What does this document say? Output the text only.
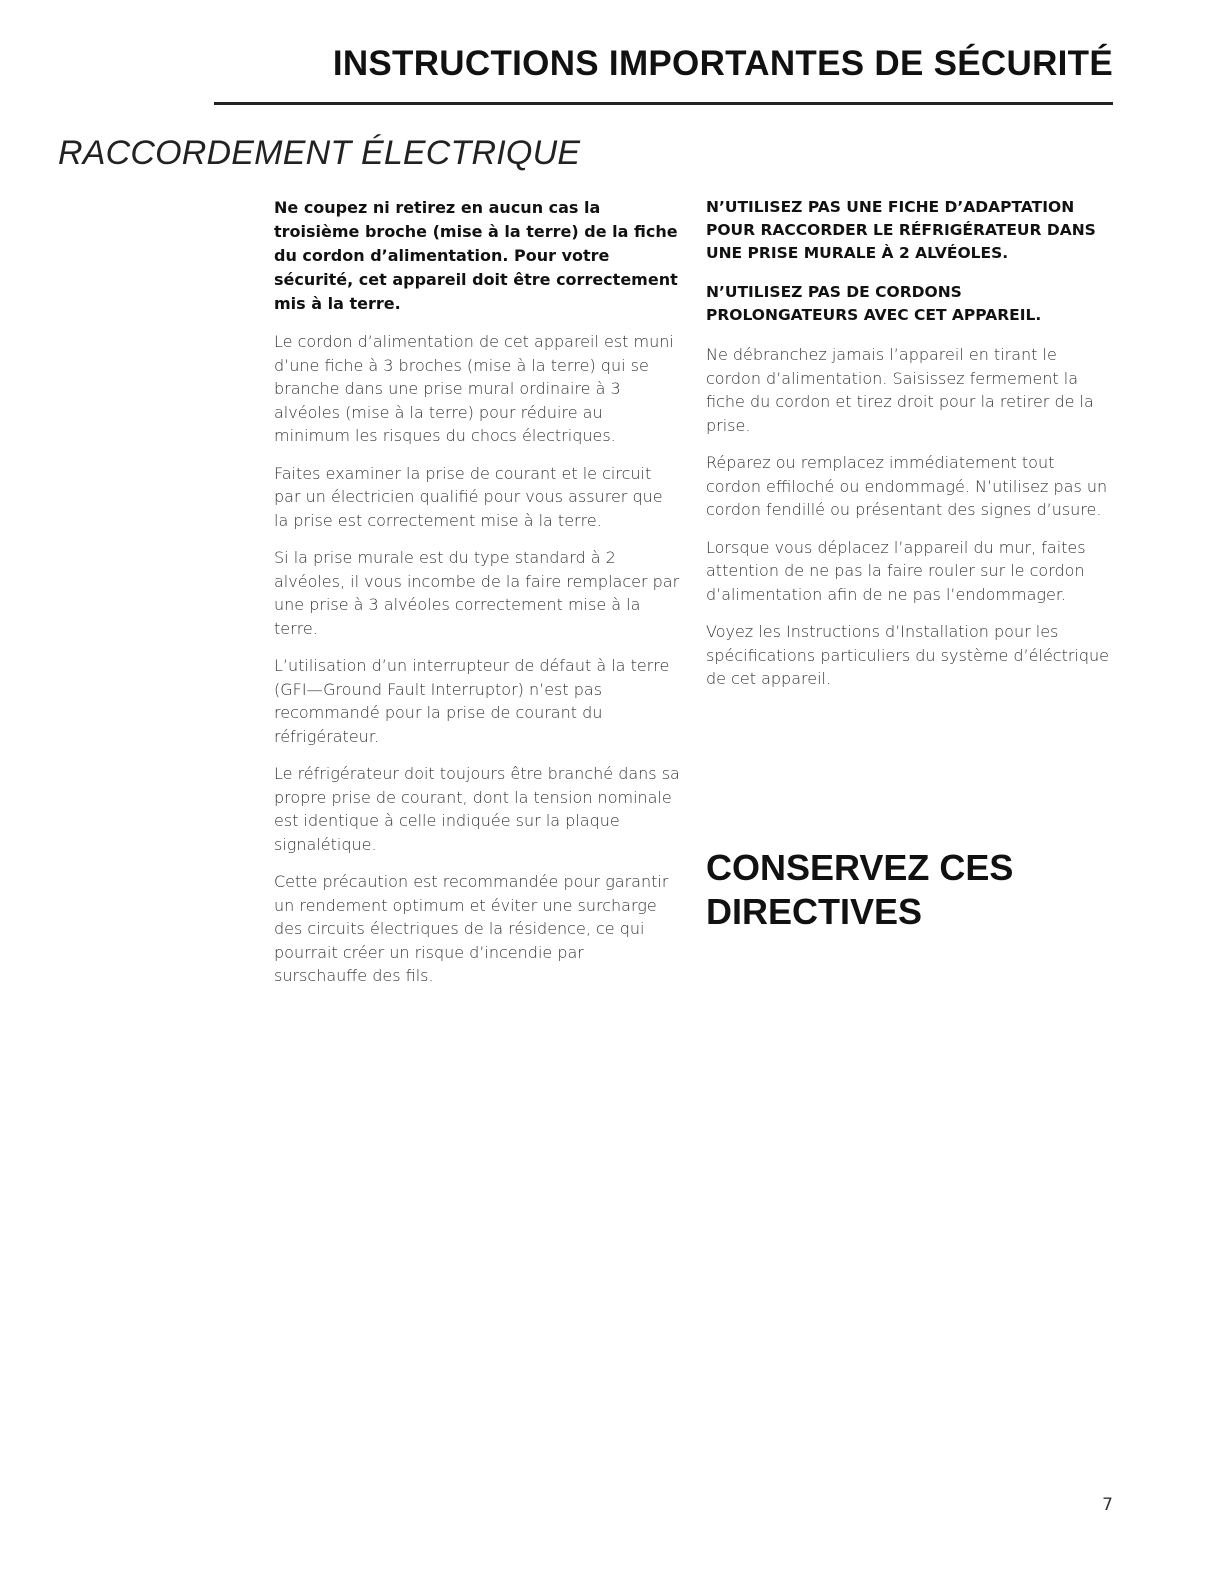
INSTRUCTIONS IMPORTANTES DE SÉCURITÉ
RACCORDEMENT ÉLECTRIQUE

Ne coupez ni retirez en aucun cas la troisième broche (mise à la terre) de la fiche du cordon d’alimentation. Pour votre sécurité, cet appareil doit être correctement mis à la terre.

Le cordon d’alimentation de cet appareil est muni d’une fiche à 3 broches (mise à la terre) qui se branche dans une prise mural ordinaire à 3 alvéoles (mise à la terre) pour réduire au minimum les risques du chocs électriques.

Faites examiner la prise de courant et le circuit par un électricien qualifié pour vous assurer que la prise est correctement mise à la terre.

Si la prise murale est du type standard à 2 alvéoles, il vous incombe de la faire remplacer par une prise à 3 alvéoles correctement mise à la terre.

L’utilisation d’un interrupteur de défaut à la terre (GFI—Ground Fault Interruptor) n’est pas recommandé pour la prise de courant du réfrigérateur.

Le réfrigérateur doit toujours être branché dans sa propre prise de courant, dont la tension nominale est identique à celle indiquée sur la plaque signalétique.

Cette précaution est recommandée pour garantir un rendement optimum et éviter une surcharge des circuits électriques de la résidence, ce qui pourrait créer un risque d’incendie par surschauffe des fils.

N’UTILISEZ PAS UNE FICHE D’ADAPTATION POUR RACCORDER LE RÉFRIGÉRATEUR DANS UNE PRISE MURALE À 2 ALVÉOLES.

N’UTILISEZ PAS DE CORDONS PROLONGATEURS AVEC CET APPAREIL.

Ne débranchez jamais l’appareil en tirant le cordon d’alimentation. Saisissez fermement la fiche du cordon et tirez droit pour la retirer de la prise.

Réparez ou remplacez immédiatement tout cordon effiloché ou endommagé. N’utilisez pas un cordon fendillé ou présentant des signes d’usure.

Lorsque vous déplacez l’appareil du mur, faites attention de ne pas la faire rouler sur le cordon d’alimentation afin de ne pas l’endommager.

Voyez les Instructions d’Installation pour les spécifications particuliers du système d’éléctrique de cet appareil.

CONSERVEZ CES
DIRECTIVES
7
